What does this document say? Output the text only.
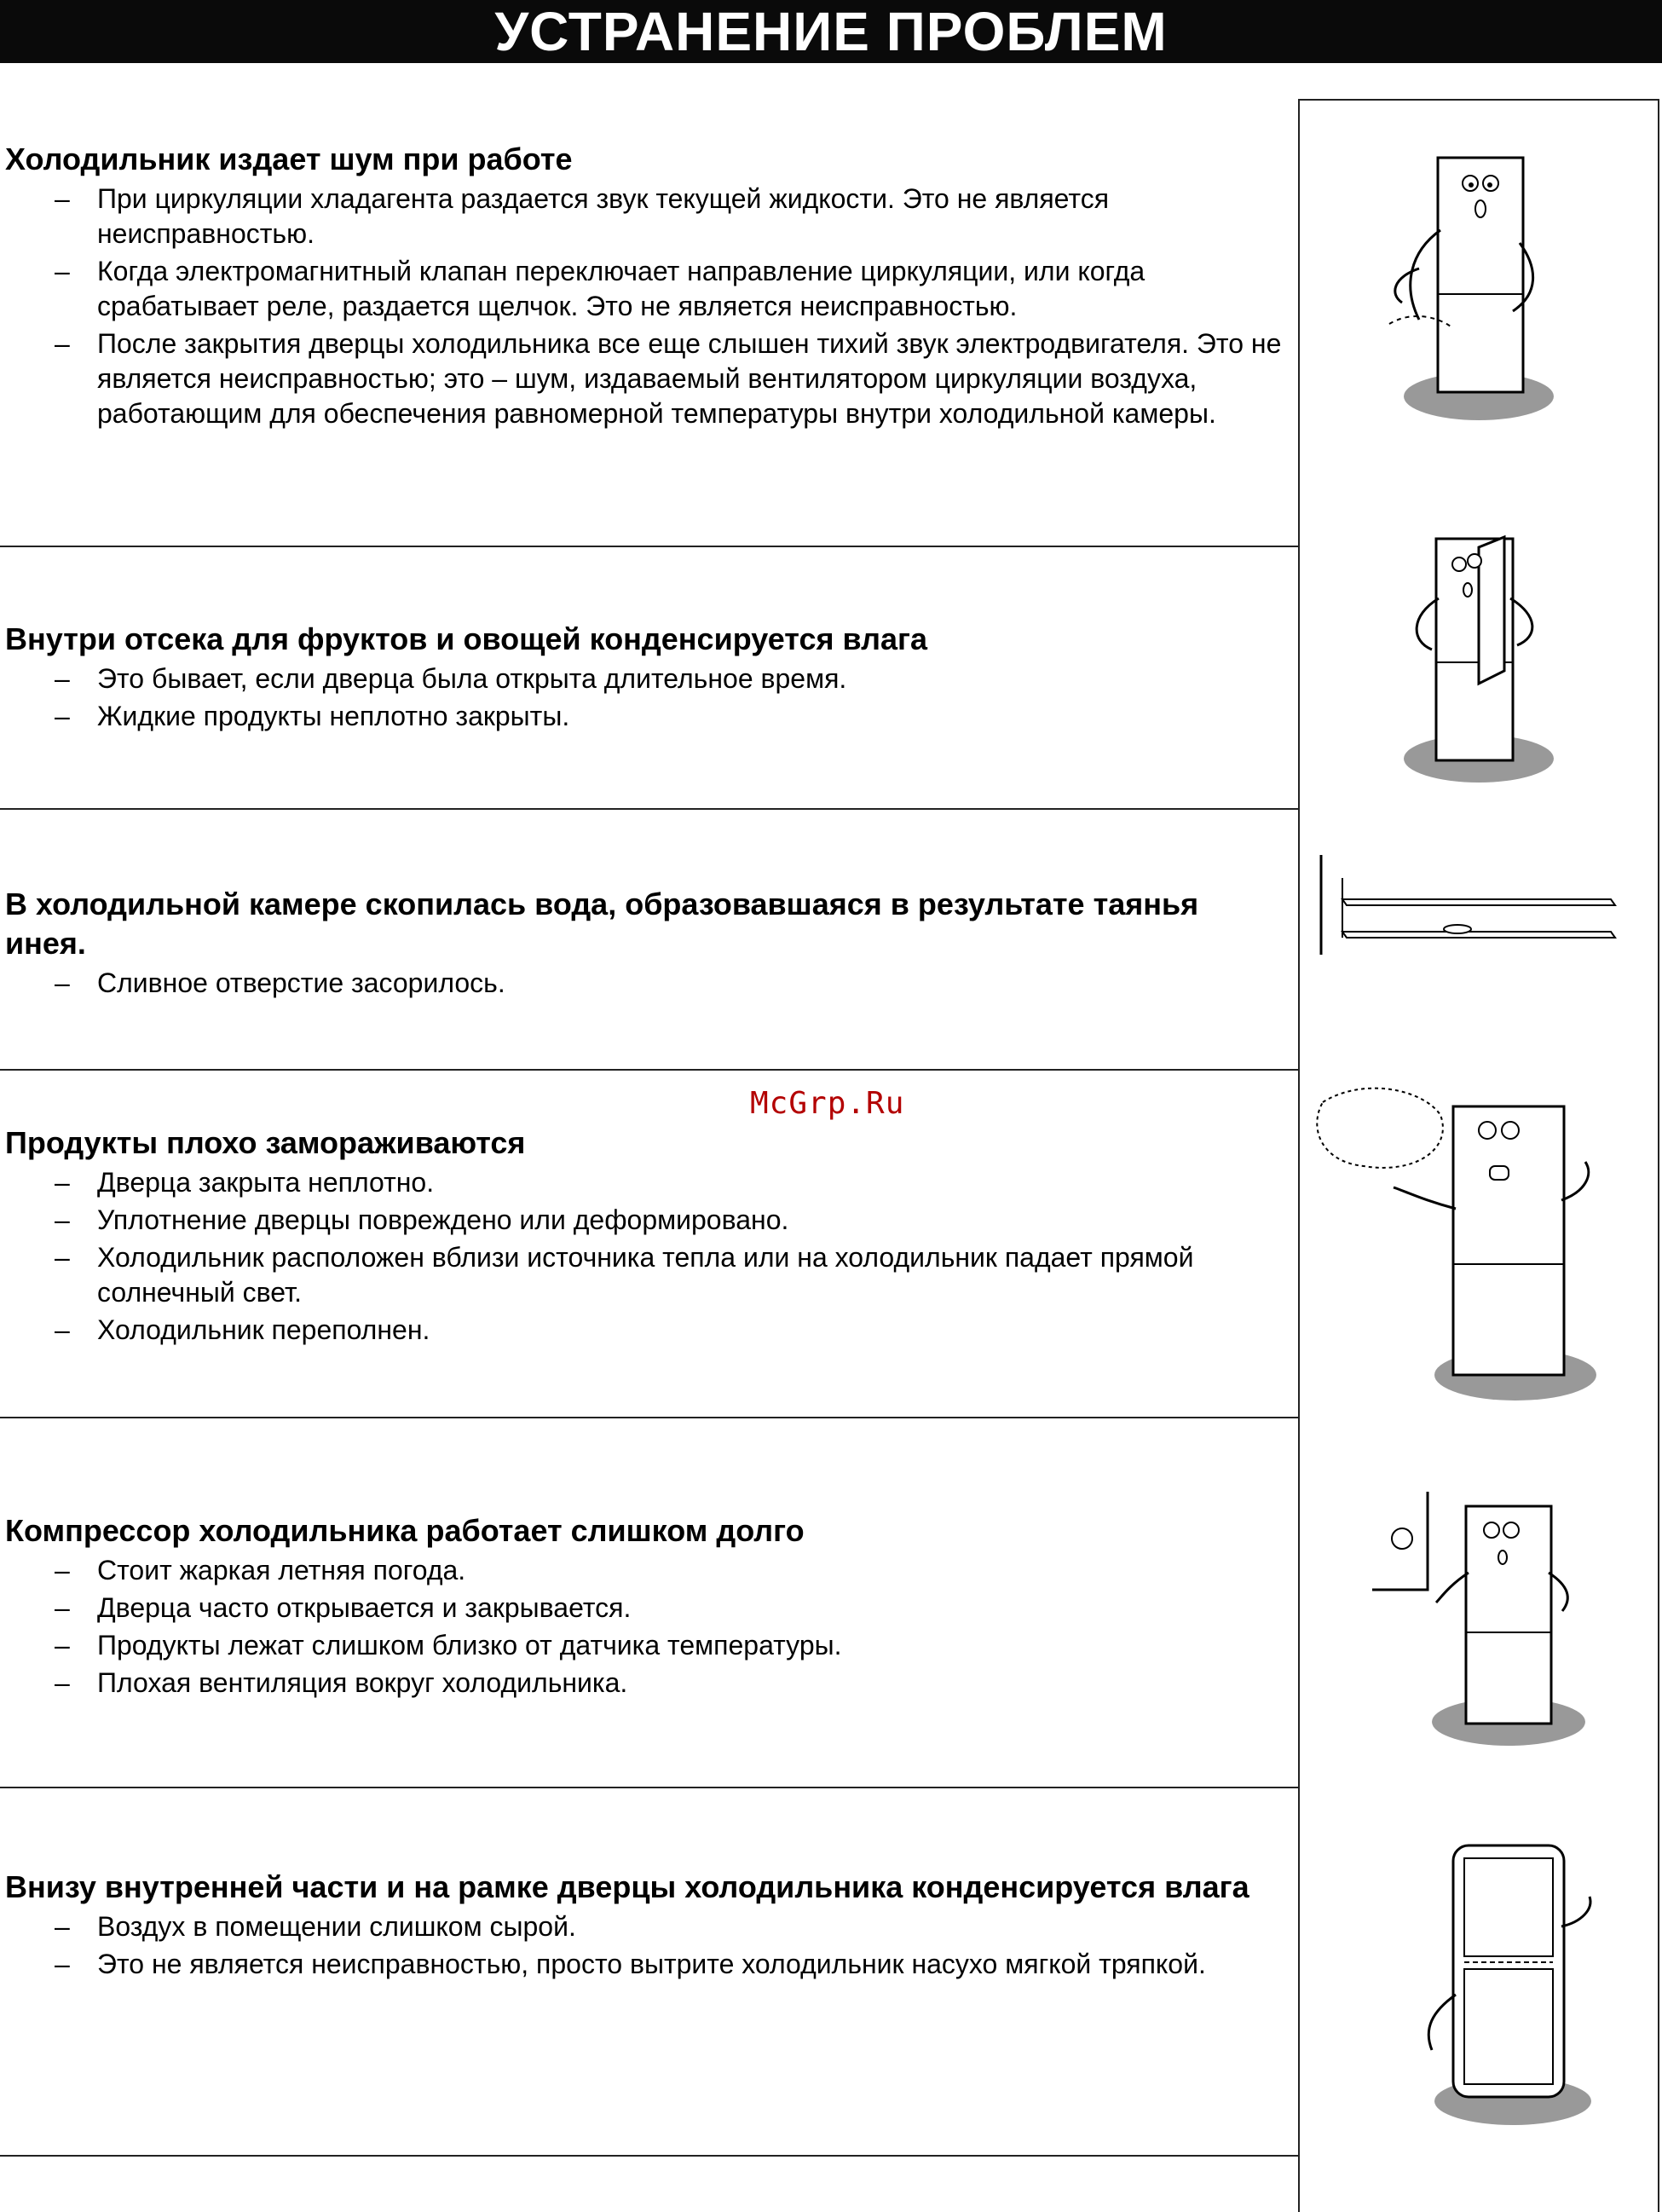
УСТРАНЕНИЕ ПРОБЛЕМ
McGrp.Ru
Холодильник издает шум при работе
– При циркуляции хладагента раздается звук текущей жидкости. Это не является неисправностью.
– Когда электромагнитный клапан переключает направление циркуляции, или когда срабатывает реле, раздается щелчок. Это не является неисправностью.
– После закрытия дверцы холодильника все еще слышен тихий звук электродвигателя. Это не является неисправностью; это – шум, издаваемый вентилятором циркуляции воздуха, работающим для обеспечения равномерной температуры внутри холодильной камеры.
Внутри отсека для фруктов и овощей конденсируется влага
– Это бывает, если дверца была открыта длительное время.
– Жидкие продукты неплотно закрыты.
В холодильной камере скопилась вода, образовавшаяся в результате таянья инея.
– Сливное отверстие засорилось.
Продукты плохо замораживаются
– Дверца закрыта неплотно.
– Уплотнение дверцы повреждено или деформировано.
– Холодильник расположен вблизи источника тепла или на холодильник падает прямой солнечный свет.
– Холодильник переполнен.
Компрессор холодильника работает слишком долго
– Стоит жаркая летняя погода.
– Дверца часто открывается и закрывается.
– Продукты лежат слишком близко от датчика температуры.
– Плохая вентиляция вокруг холодильника.
Внизу внутренней части и на рамке дверцы холодильника конденсируется влага
– Воздух в помещении слишком сырой.
– Это не является неисправностью, просто вытрите холодильник насухо мягкой тряпкой.
